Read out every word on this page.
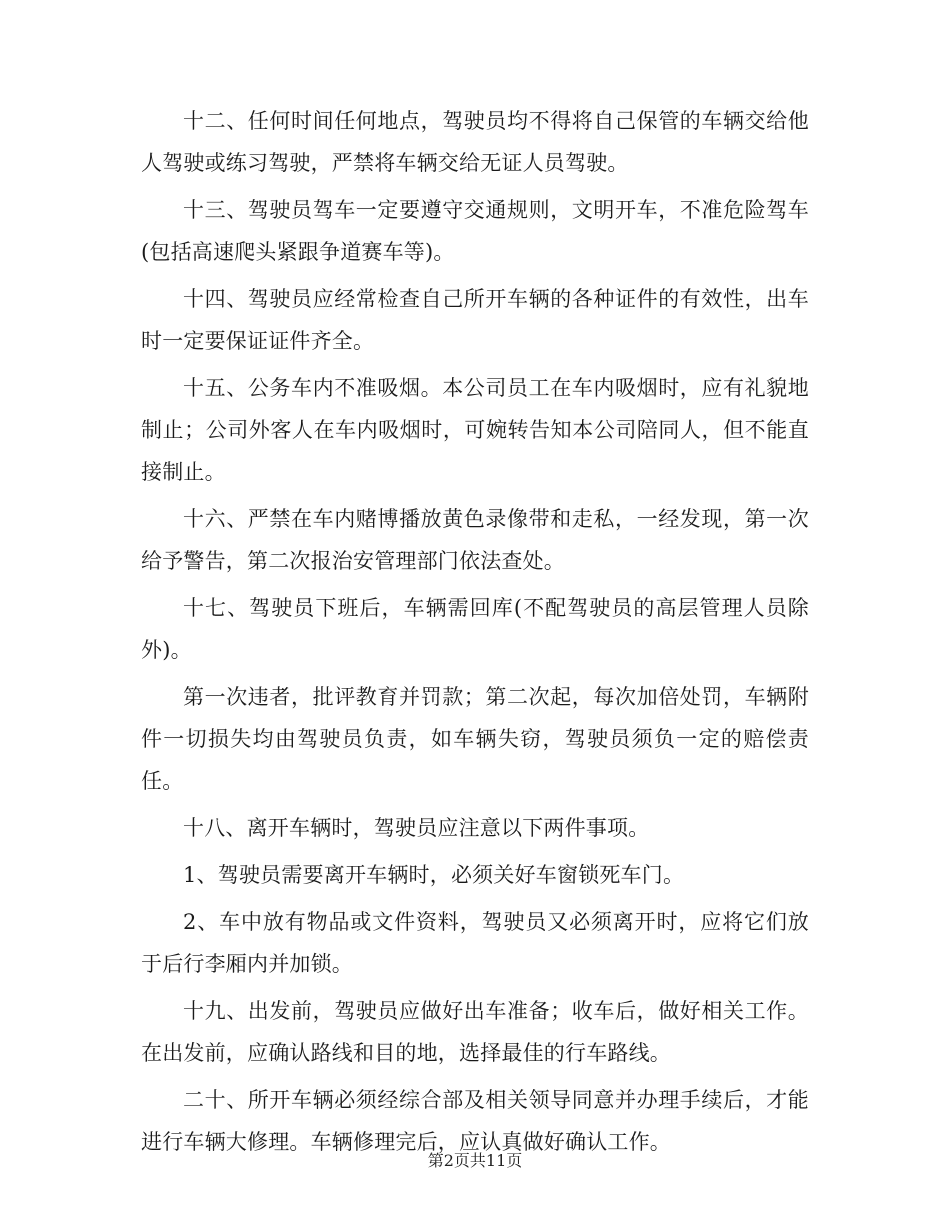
十二、任何时间任何地点，驾驶员均不得将自己保管的车辆交给他人驾驶或练习驾驶，严禁将车辆交给无证人员驾驶。

十三、驾驶员驾车一定要遵守交通规则，文明开车，不准危险驾车(包括高速爬头紧跟争道赛车等)。

十四、驾驶员应经常检查自己所开车辆的各种证件的有效性，出车时一定要保证证件齐全。

十五、公务车内不准吸烟。本公司员工在车内吸烟时，应有礼貌地制止；公司外客人在车内吸烟时，可婉转告知本公司陪同人，但不能直接制止。

十六、严禁在车内赌博播放黄色录像带和走私，一经发现，第一次给予警告，第二次报治安管理部门依法查处。

十七、驾驶员下班后，车辆需回库(不配驾驶员的高层管理人员除外)。

第一次违者，批评教育并罚款；第二次起，每次加倍处罚，车辆附件一切损失均由驾驶员负责，如车辆失窃，驾驶员须负一定的赔偿责任。

十八、离开车辆时，驾驶员应注意以下两件事项。

1、驾驶员需要离开车辆时，必须关好车窗锁死车门。

2、车中放有物品或文件资料，驾驶员又必须离开时，应将它们放于后行李厢内并加锁。

十九、出发前，驾驶员应做好出车准备；收车后，做好相关工作。在出发前，应确认路线和目的地，选择最佳的行车路线。

二十、所开车辆必须经综合部及相关领导同意并办理手续后，才能进行车辆大修理。车辆修理完后，应认真做好确认工作。

第2页共11页
